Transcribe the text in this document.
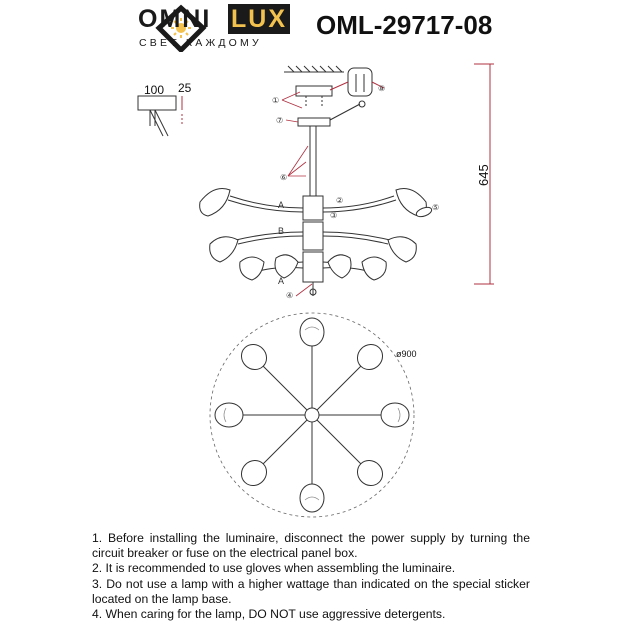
OMNI LUX
СВЕТ КАЖДОМУ
OML-29717-08
100 25
①
⑦
⑥
②
③
④
⑧
⑤
A
B
A
645
ø900

1. Before installing the luminaire, disconnect the power supply by turning the circuit breaker or fuse on the electrical panel box.

2. It is recommended to use gloves when assembling the luminaire.

3. Do not use a lamp with a higher wattage than indicated on the special sticker located on the lamp base.

4. When caring for the lamp, DO NOT use aggressive detergents.
